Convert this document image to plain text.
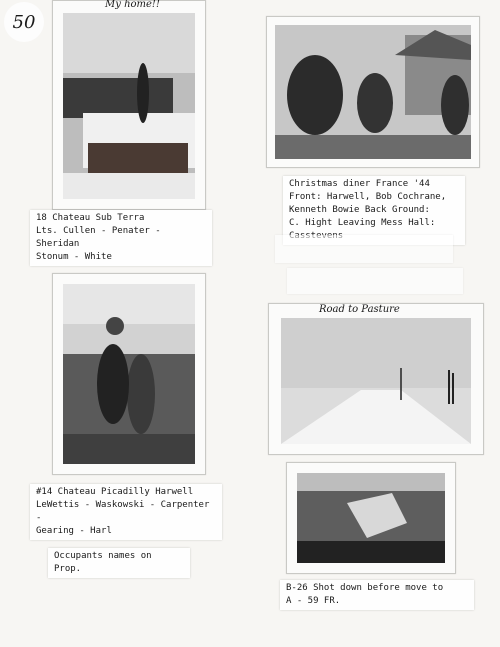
50
My home!!
18 Chateau Sub Terra
Lts. Cullen - Penater - Sheridan
Stonum - White
Christmas diner France '44
Front: Harwell, Bob Cochrane,
Kenneth Bowie Back Ground:
C. Hight Leaving Mess Hall:

#14 Chateau Picadilly Harwell
LeWettis - Waskowski - Carpenter -
Gearing - Harl
Occupants names on Prop.
Road to Pasture
B-26 Shot down before move to
A - 59 FR.
